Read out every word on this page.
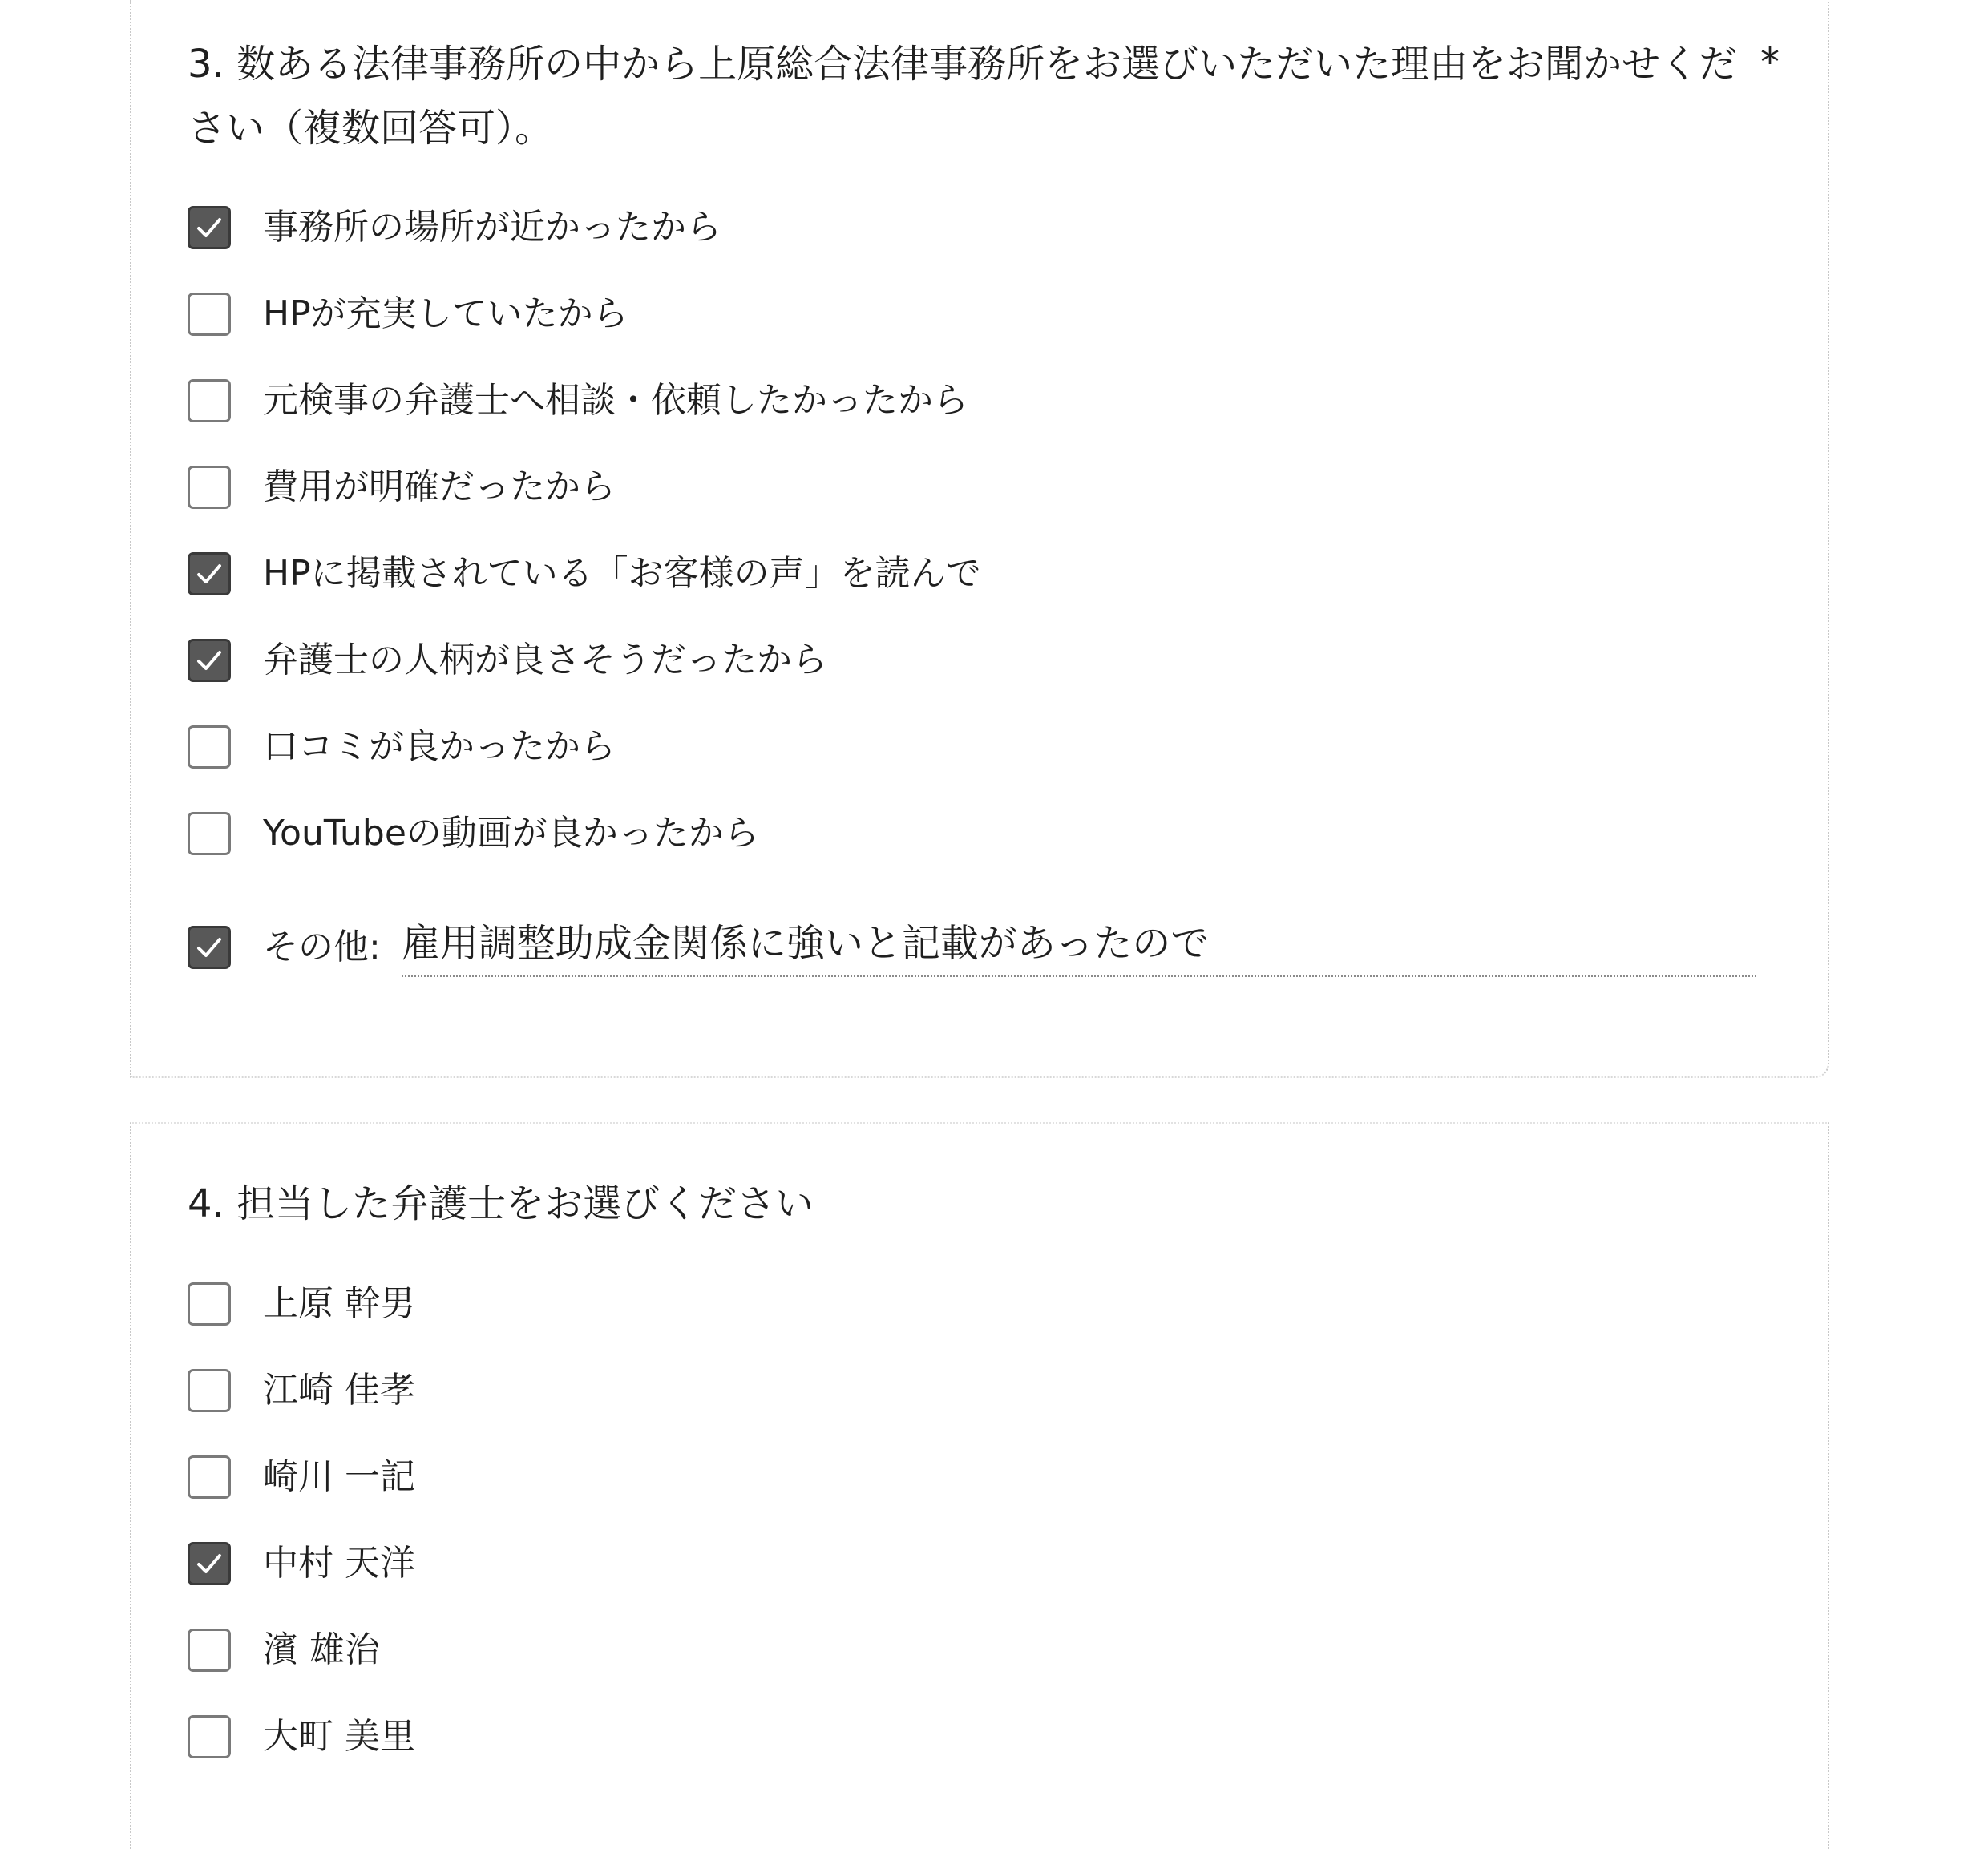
3. 数ある法律事務所の中から上原総合法律事務所をお選びいただいた理由をお聞かせください（複数回答可）。
*
事務所の場所が近かったから
HPが充実していたから
元検事の弁護士へ相談・依頼したかったから
費用が明確だったから
HPに掲載されている「お客様の声」を読んで
弁護士の人柄が良さそうだったから
口コミが良かったから
YouTubeの動画が良かったから
その他: 雇用調整助成金関係に強いと記載があったので
4. 担当した弁護士をお選びください
上原 幹男
江崎 佳孝
崎川 一記
中村 天洋
濱 雄治
大町 美里
